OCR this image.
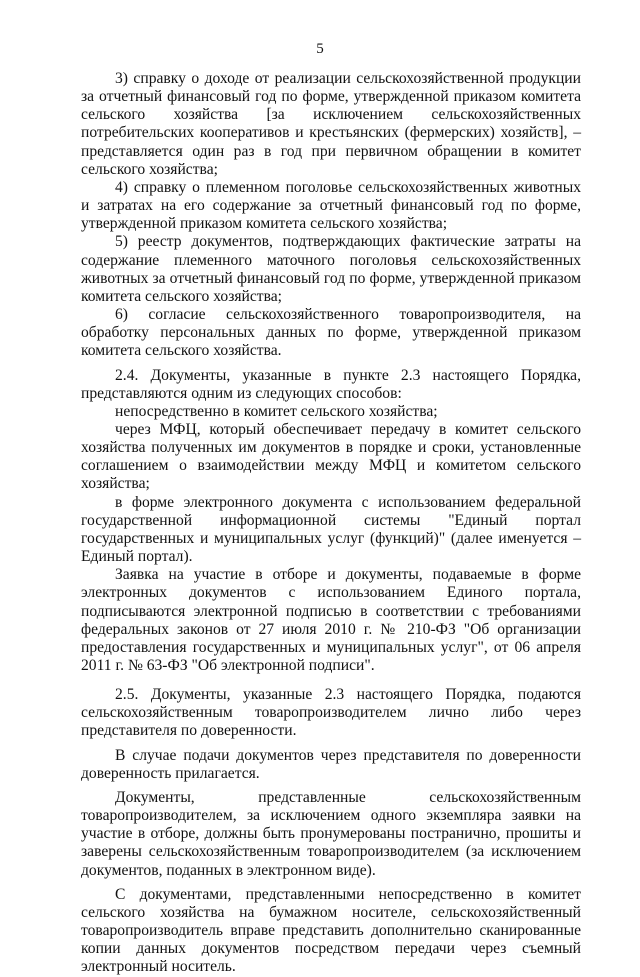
5

3) справку о доходе от реализации сельскохозяйственной продукции за отчетный финансовый год по форме, утвержденной приказом комитета сельского хозяйства [за исключением сельскохозяйственных потребительских кооперативов и крестьянских (фермерских) хозяйств], – представляется один раз в год при первичном обращении в комитет сельского хозяйства;

4) справку о племенном поголовье сельскохозяйственных животных и затратах на его содержание за отчетный финансовый год по форме, утвержденной приказом комитета сельского хозяйства;

5) реестр документов, подтверждающих фактические затраты на содержание племенного маточного поголовья сельскохозяйственных животных за отчетный финансовый год по форме, утвержденной приказом комитета сельского хозяйства;

6) согласие сельскохозяйственного товаропроизводителя, на обработку персональных данных по форме, утвержденной приказом комитета сельского хозяйства.

2.4. Документы, указанные в пункте 2.3 настоящего Порядка, представляются одним из следующих способов:

непосредственно в комитет сельского хозяйства;

через МФЦ, который обеспечивает передачу в комитет сельского хозяйства полученных им документов в порядке и сроки, установленные соглашением о взаимодействии между МФЦ и комитетом сельского хозяйства;

в форме электронного документа с использованием федеральной государственной информационной системы "Единый портал государственных и муниципальных услуг (функций)" (далее именуется – Единый портал).

Заявка на участие в отборе и документы, подаваемые в форме электронных документов с использованием Единого портала, подписываются электронной подписью в соответствии с требованиями федеральных законов от 27 июля 2010 г. № 210-ФЗ "Об организации предоставления государственных и муниципальных услуг", от 06 апреля 2011 г. № 63-ФЗ "Об электронной подписи".

2.5. Документы, указанные 2.3 настоящего Порядка, подаются сельскохозяйственным товаропроизводителем лично либо через представителя по доверенности.

В случае подачи документов через представителя по доверенности доверенность прилагается.

Документы, представленные сельскохозяйственным товаропроизводителем, за исключением одного экземпляра заявки на участие в отборе, должны быть пронумерованы постранично, прошиты и заверены сельскохозяйственным товаропроизводителем (за исключением документов, поданных в электронном виде).

С документами, представленными непосредственно в комитет сельского хозяйства на бумажном носителе, сельскохозяйственный товаропроизводитель вправе представить дополнительно сканированные копии данных документов посредством передачи через съемный электронный носитель.
